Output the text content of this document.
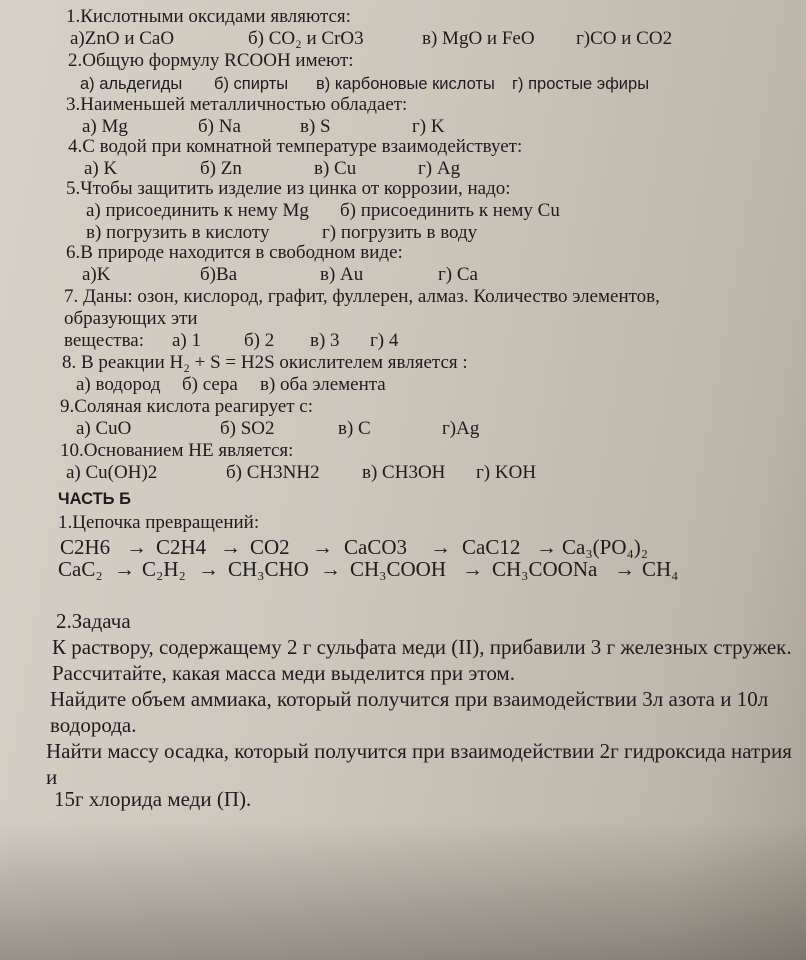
1.Кислотными оксидами являются:
а)ZnO и CaO	б) CO₂ и CrO3	в) MgO и FeO г)CO и CO2
2.Общую формулу RCOOH имеют:
а) альдегиды б) спирты в) карбоновые кислоты г) простые эфиры
3.Наименьшей металличностью обладает:
а) Mg	б) Na	в) S	г) K
4.С водой при комнатной температуре взаимодействует:
а) K	б) Zn	в) Cu	г) Ag
5.Чтобы защитить изделие из цинка от коррозии, надо:
а) присоединить к нему Mg б) присоединить к нему Cu
в) погрузить в кислоту	г) погрузить в воду
6.В природе находится в свободном виде:
а)K	б)Ba	в) Au	г) Ca
7. Даны: озон, кислород, графит, фуллерен, алмаз. Количество элементов,
образующих эти
вещества: а) 1 б) 2 в) 3 г) 4
8. В реакции H₂ + S = H2S окислителем является :
а) водород б) сера в) оба элемента
9.Соляная кислота реагирует с:
а) CuO	б) SO2	в) C	г)Ag
10.Основанием НЕ является:
а) Cu(OH)2	б) CH3NH2 в) CH3OH г) KOH
ЧАСТЬ Б
1.Цепочка превращений:
C2H6 → C2H4 → CO2 → CaCO3 → CaC12 → Ca₃(PO₄)₂
CaC₂ → C₂H₂ → CH₃CHO → CH₃COOH → CH₃COONa → CH₄
2.Задача
К раствору, содержащему 2 г сульфата меди (II), прибавили 3 г железных стружек.
Рассчитайте, какая масса меди выделится при этом.
Найдите объем аммиака, который получится при взаимодействии 3л азота и 10л
водорода.
Найти массу осадка, который получится при взаимодействии 2г гидроксида натрия
и
15г хлорида меди (П).
